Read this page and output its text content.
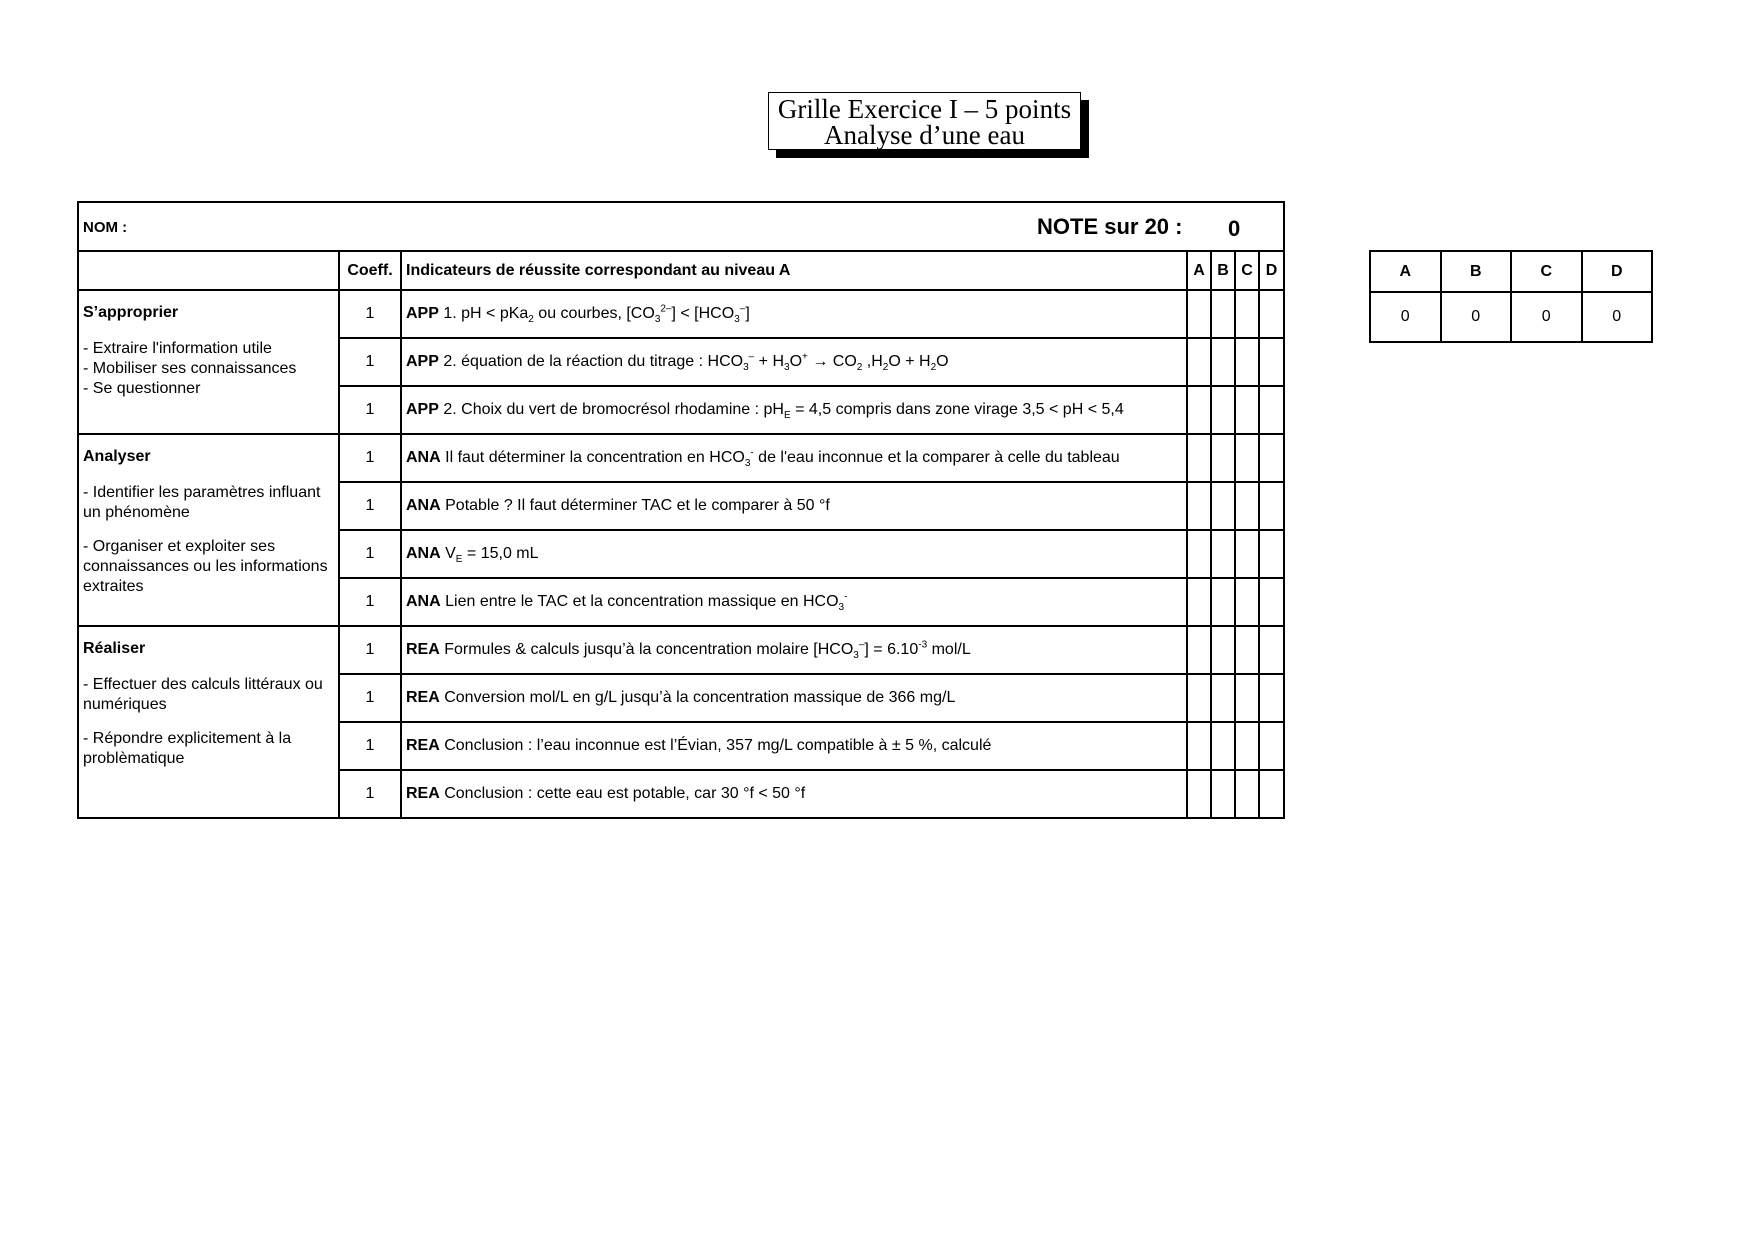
Grille Exercice I – 5 points
Analyse d’une eau
NOM : NOTE sur 20 : 0						

	Coeff.	Indicateurs de réussite correspondant au niveau A	A	B	C	D

S’approprier
- Extraire l'information utile
- Mobiliser ses connaissances
- Se questionner	1	APP 1. pH < pKa$_2$ ou courbes, $[CO_3^{2-}] < [HCO_3^-]$				
	1	APP 2. équation de la réaction du titrage : $HCO_3^- + H_3O^+ \to CO_2$ $,H_2O + H_2O$				
	1	APP 2. Choix du vert de bromocrésol rhodamine : $pH_E = 4,5$ compris dans zone virage 3,5 < pH < 5,4				

Analyser
- Identifier les paramètres influant un phénomène
- Organiser et exploiter ses connaissances ou les informations extraites	1	ANA Il faut déterminer la concentration en $HCO_3^-$ de l'eau inconnue et la comparer à celle du tableau				
	1	ANA Potable ? Il faut déterminer TAC et le comparer à 50 °f				
	1	ANA $V_E = 15,0$ mL				
	1	ANA Lien entre le TAC et la concentration massique en $HCO_3^-$				

Réaliser
- Effectuer des calculs littéraux ou numériques
- Répondre explicitement à la problèmatique	1	REA Formules & calculs jusqu’à la concentration molaire $[HCO_3^-] = 6.10^{-3}$ mol/L				
	1	REA Conversion mol/L en g/L jusqu’à la concentration massique de 366 mg/L				
	1	REA Conclusion : l’eau inconnue est l’Évian, 357 mg/L compatible à ± 5 %, calculé				
	1	REA Conclusion : cette eau est potable, car 30 °f < 50 °f				
A	B	C	D
0	0	0	0
